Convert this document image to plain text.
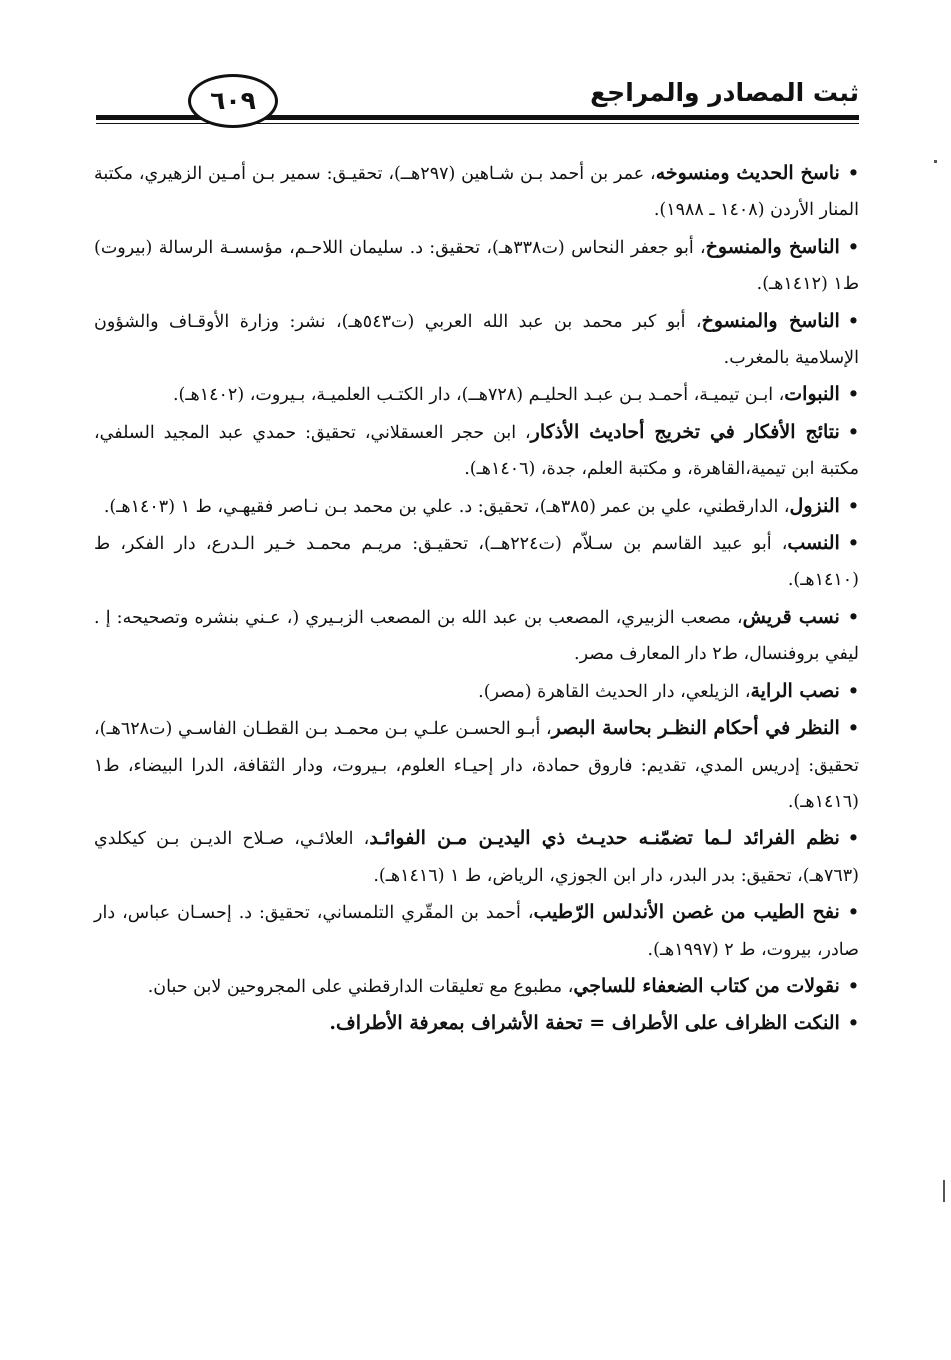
ثبت المصادر والمراجع
٦٠٩

•ناسخ الحديث ومنسوخه، عمر بن أحمد بـن شـاهين (٢٩٧هــ)، تحقيـق: سمير بـن أمـين الزهيري، مكتبة المنار الأردن (١٤٠٨ ـ ١٩٨٨).

•الناسخ والمنسوخ، أبو جعفر النحاس (ت٣٣٨هـ)، تحقيق: د. سليمان اللاحـم، مؤسسـة الرسالة (بيروت) ط١ (١٤١٢هـ).

•الناسخ والمنسوخ، أبو كبر محمد بن عبد الله العربي (ت٥٤٣هـ)، نشر: وزارة الأوقـاف والشؤون الإسلامية بالمغرب.

•النبوات، ابـن تيميـة، أحمـد بـن عبـد الحليـم (٧٢٨هــ)، دار الكتـب العلميـة، بـيروت، (١٤٠٢هـ).

•نتائج الأفكار في تخريج أحاديث الأذكار، ابن حجر العسقلاني، تحقيق: حمدي عبد المجيد السلفي، مكتبة ابن تيمية،القاهرة، و مكتبة العلم، جدة، (١٤٠٦هـ).

•النزول، الدارقطني، علي بن عمر (٣٨٥هـ)، تحقيق: د. علي بن محمد بـن نـاصر فقيهـي، ط ١ (١٤٠٣هـ).

•النسب، أبو عبيد القاسم بن سـلاّم (ت٢٢٤هــ)، تحقيـق: مريـم محمـد خـير الـدرع، دار الفكر، ط (١٤١٠هـ).

•نسب قريش، مصعب الزبيري، المصعب بن عبد الله بن المصعب الزبـيري (، عـني بنشره وتصحيحه: إ . ليفي بروفنسال، ط٢ دار المعارف مصر.

•نصب الراية، الزيلعي، دار الحديث القاهرة (مصر).

•النظر في أحكام النظـر بحاسة البصر، أبـو الحسـن علـي بـن محمـد بـن القطـان الفاسـي (ت٦٢٨هـ)، تحقيق: إدريس المدي، تقديم: فاروق حمادة، دار إحيـاء العلوم، بـيروت، ودار الثقافة، الدرا البيضاء، ط١ (١٤١٦هـ).

•نظم الفرائد لـما تضمّنـه حديـث ذي اليديـن مـن الفوائـد، العلائـي، صـلاح الديـن بـن كيكلدي (٧٦٣هـ)، تحقيق: بدر البدر، دار ابن الجوزي، الرياض، ط ١ (١٤١٦هـ).

•نفح الطيب من غصن الأندلس الرّطيب، أحمد بن المقّري التلمساني، تحقيق: د. إحسـان عباس، دار صادر، بيروت، ط ٢ (١٩٩٧هـ).

•نقولات من كتاب الضعفاء للساجي، مطبوع مع تعليقات الدارقطني على المجروحين لابن حبان.

•النكت الظراف على الأطراف = تحفة الأشراف بمعرفة الأطراف.
